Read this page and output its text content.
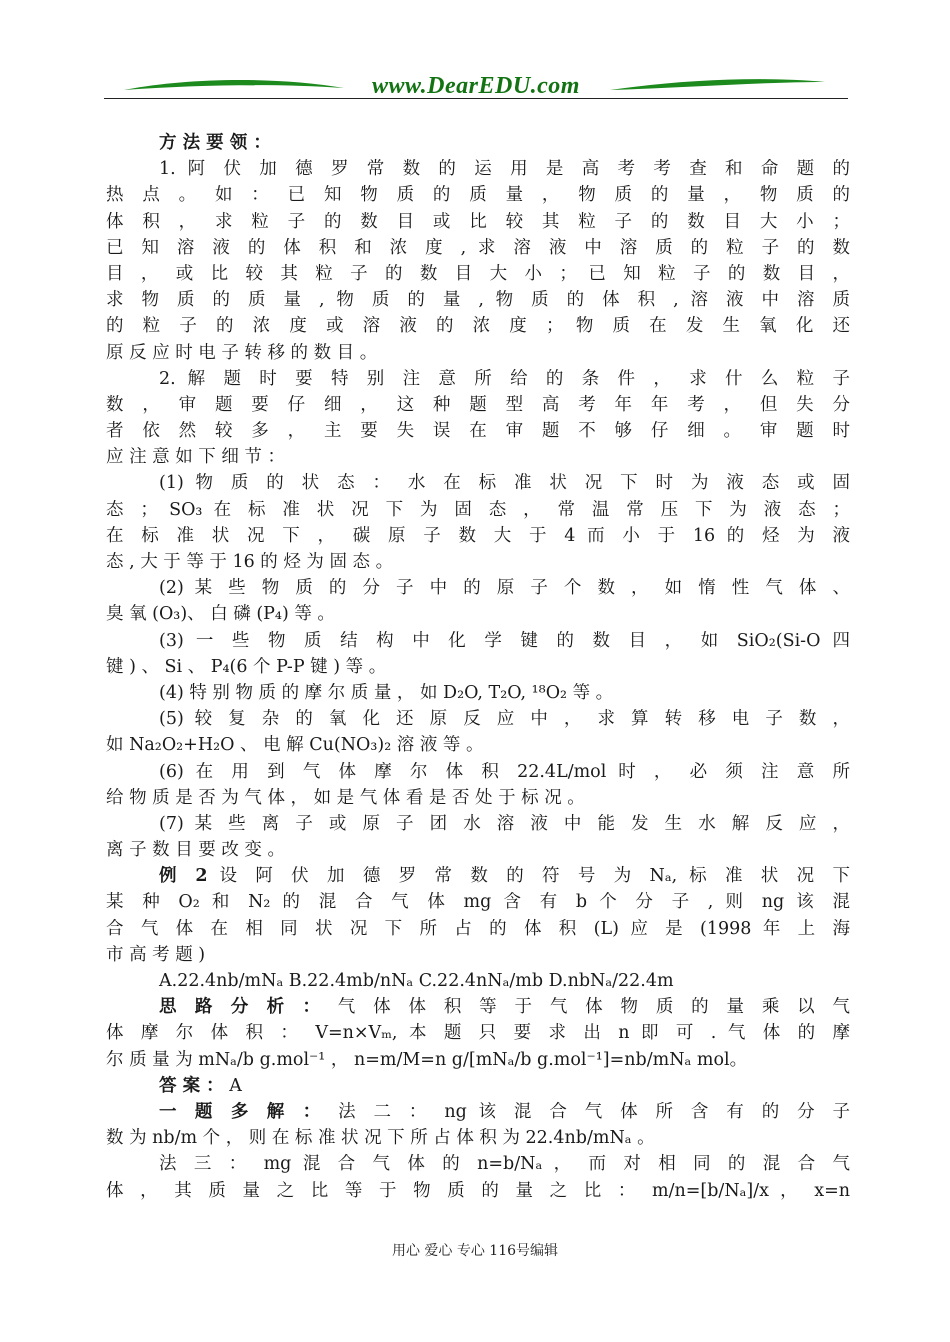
www.DearEDU.com
方 法 要 领 ：
1. 阿 伏 加 德 罗 常 数 的 运 用 是 高 考 考 查 和 命 题 的
热 点 。 如 ： 已 知 物 质 的 质 量 ， 物 质 的 量 ， 物 质 的
体 积 ， 求 粒 子 的 数 目 或 比 较 其 粒 子 的 数 目 大 小 ；
已 知 溶 液 的 体 积 和 浓 度 , 求 溶 液 中 溶 质 的 粒 子 的 数
目 ， 或 比 较 其 粒 子 的 数 目 大 小 ； 已 知 粒 子 的 数 目 ，
求 物 质 的 质 量 , 物 质 的 量 , 物 质 的 体 积 , 溶 液 中 溶 质
的 粒 子 的 浓 度 或 溶 液 的 浓 度 ； 物 质 在 发 生 氧 化 还
原 反 应 时 电 子 转 移 的 数 目 。
2. 解 题 时 要 特 别 注 意 所 给 的 条 件 ， 求 什 么 粒 子
数 ， 审 题 要 仔 细 ， 这 种 题 型 高 考 年 年 考 ， 但 失 分
者 依 然 较 多 ， 主 要 失 误 在 审 题 不 够 仔 细 。 审 题 时
应 注 意 如 下 细 节 ：
(1) 物 质 的 状 态 ： 水 在 标 准 状 况 下 时 为 液 态 或 固
态 ； SO₃ 在 标 准 状 况 下 为 固 态 ， 常 温 常 压 下 为 液 态 ；
在 标 准 状 况 下 ， 碳 原 子 数 大 于 4 而 小 于 16 的 烃 为 液
态 , 大 于 等 于 16 的 烃 为 固 态 。
(2) 某 些 物 质 的 分 子 中 的 原 子 个 数 ， 如 惰 性 气 体 、
臭 氧 (O₃)、 白 磷 (P₄) 等 。
(3) 一 些 物 质 结 构 中 化 学 键 的 数 目 ， 如 SiO₂(Si-O 四
键 ) 、 Si 、 P₄(6 个 P-P 键 ) 等 。
(4) 特 别 物 质 的 摩 尔 质 量 ， 如 D₂O, T₂O, ¹⁸O₂ 等 。
(5) 较 复 杂 的 氧 化 还 原 反 应 中 ， 求 算 转 移 电 子 数 ，
如 Na₂O₂+H₂O 、 电 解 Cu(NO₃)₂ 溶 液 等 。
(6) 在 用 到 气 体 摩 尔 体 积 22.4L/mol 时 ， 必 须 注 意 所
给 物 质 是 否 为 气 体 ， 如 是 气 体 看 是 否 处 于 标 况 。
(7) 某 些 离 子 或 原 子 团 水 溶 液 中 能 发 生 水 解 反 应 ，
离 子 数 目 要 改 变 。
例 2 设 阿 伏 加 德 罗 常 数 的 符 号 为 Nₐ, 标 准 状 况 下
某 种 O₂ 和 N₂ 的 混 合 气 体 mg 含 有 b 个 分 子 , 则 ng 该 混
合 气 体 在 相 同 状 况 下 所 占 的 体 积 (L) 应 是 (1998 年 上 海
市 高 考 题 )
A.22.4nb/mNₐ B.22.4mb/nNₐ C.22.4nNₐ/mb D.nbNₐ/22.4m
思 路 分 析 ： 气 体 体 积 等 于 气 体 物 质 的 量 乘 以 气
体 摩 尔 体 积 ： V=n×Vₘ, 本 题 只 要 求 出 n 即 可 . 气 体 的 摩
尔 质 量 为 mNₐ/b g.mol⁻¹ ， n=m/M=n g/[mNₐ/b g.mol⁻¹]=nb/mNₐ mol。
答 案 ： A
一 题 多 解 ： 法 二 ： ng 该 混 合 气 体 所 含 有 的 分 子
数 为 nb/m 个 ， 则 在 标 准 状 况 下 所 占 体 积 为 22.4nb/mNₐ 。
法 三 ： mg 混 合 气 体 的 n=b/Nₐ ， 而 对 相 同 的 混 合 气
体 ， 其 质 量 之 比 等 于 物 质 的 量 之 比 ： m/n=[b/Nₐ]/x ， x=n
用心 爱心 专心 116号编辑
